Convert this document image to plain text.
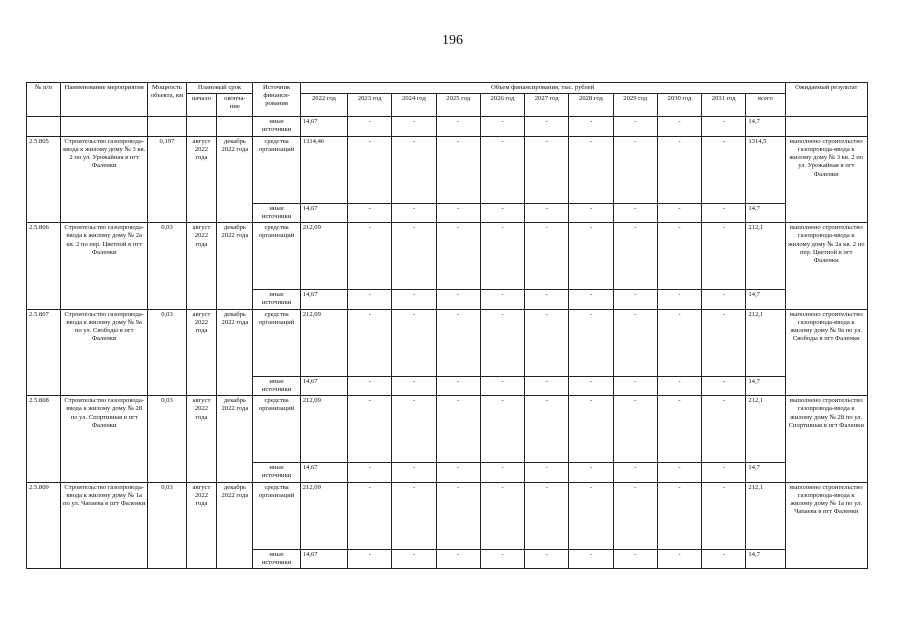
196
№ п/п	Наименование мероприятия	Мощность объекта, км	Плановый срок		Источник финанси-рования	Объем финансирования, тыс. рублей											Ожидаемый результат
			начало	оконча-ние		2022 год	2023 год	2024 год	2025 год	2026 год	2027 год	2028 год	2029 год	2030 год	2031 год	всего	
					иные источники	14,67	-	-	-	-	-	-	-	-	-	14,7	
2.5.805	Строительство газопровода-ввода к жилому дому № 3 кв. 2 по ул. Урожайная в пгт Фаленки	0,197	август 2022 года	декабрь 2022 года	средства организаций	1314,46	-	-	-	-	-	-	-	-	-	1314,5	выполнено строительство газопровода-ввода к жилому дому № 3 кв. 2 по ул. Урожайная в пгт Фаленки
					иные источники	14,67	-	-	-	-	-	-	-	-	-	14,7	
2.5.806	Строительство газопровода-ввода к жилому дому № 2а кв. 2 по пер. Цветной в пгт Фаленки	0,03	август 2022 года	декабрь 2022 года	средства организаций	212,09	-	-	-	-	-	-	-	-	-	212,1	выполнено строительство газопровода-ввода к жилому дому № 2а кв. 2 по пер. Цветной в пгт Фаленки
					иные источники	14,67	-	-	-	-	-	-	-	-	-	14,7	
2.5.807	Строительство газопровода-ввода к жилому дому № 9а по ул. Свободы в пгт Фаленки	0,03	август 2022 года	декабрь 2022 года	средства организаций	212,09	-	-	-	-	-	-	-	-	-	212,1	выполнено строительство газопровода-ввода к жилому дому № 9а по ул. Свободы в пгт Фаленки
					иные источники	14,67	-	-	-	-	-	-	-	-	-	14,7	
2.5.808	Строительство газопровода-ввода к жилому дому № 28 по ул. Спортивная в пгт Фаленки	0,03	август 2022 года	декабрь 2022 года	средства организаций	212,09	-	-	-	-	-	-	-	-	-	212,1	выполнено строительство газопровода-ввода к жилому дому № 28 по ул. Спортивная в пгт Фаленки
					иные источники	14,67	-	-	-	-	-	-	-	-	-	14,7	
2.5.809	Строительство газопровода-ввода к жилому дому № 1а по ул. Чапаева в пгт Фаленки	0,03	август 2022 года	декабрь 2022 года	средства организаций	212,09	-	-	-	-	-	-	-	-	-	212,1	выполнено строительство газопровода-ввода к жилому дому № 1а по ул. Чапаева в пгт Фаленки
					иные источники	14,67	-	-	-	-	-	-	-	-	-	14,7	
